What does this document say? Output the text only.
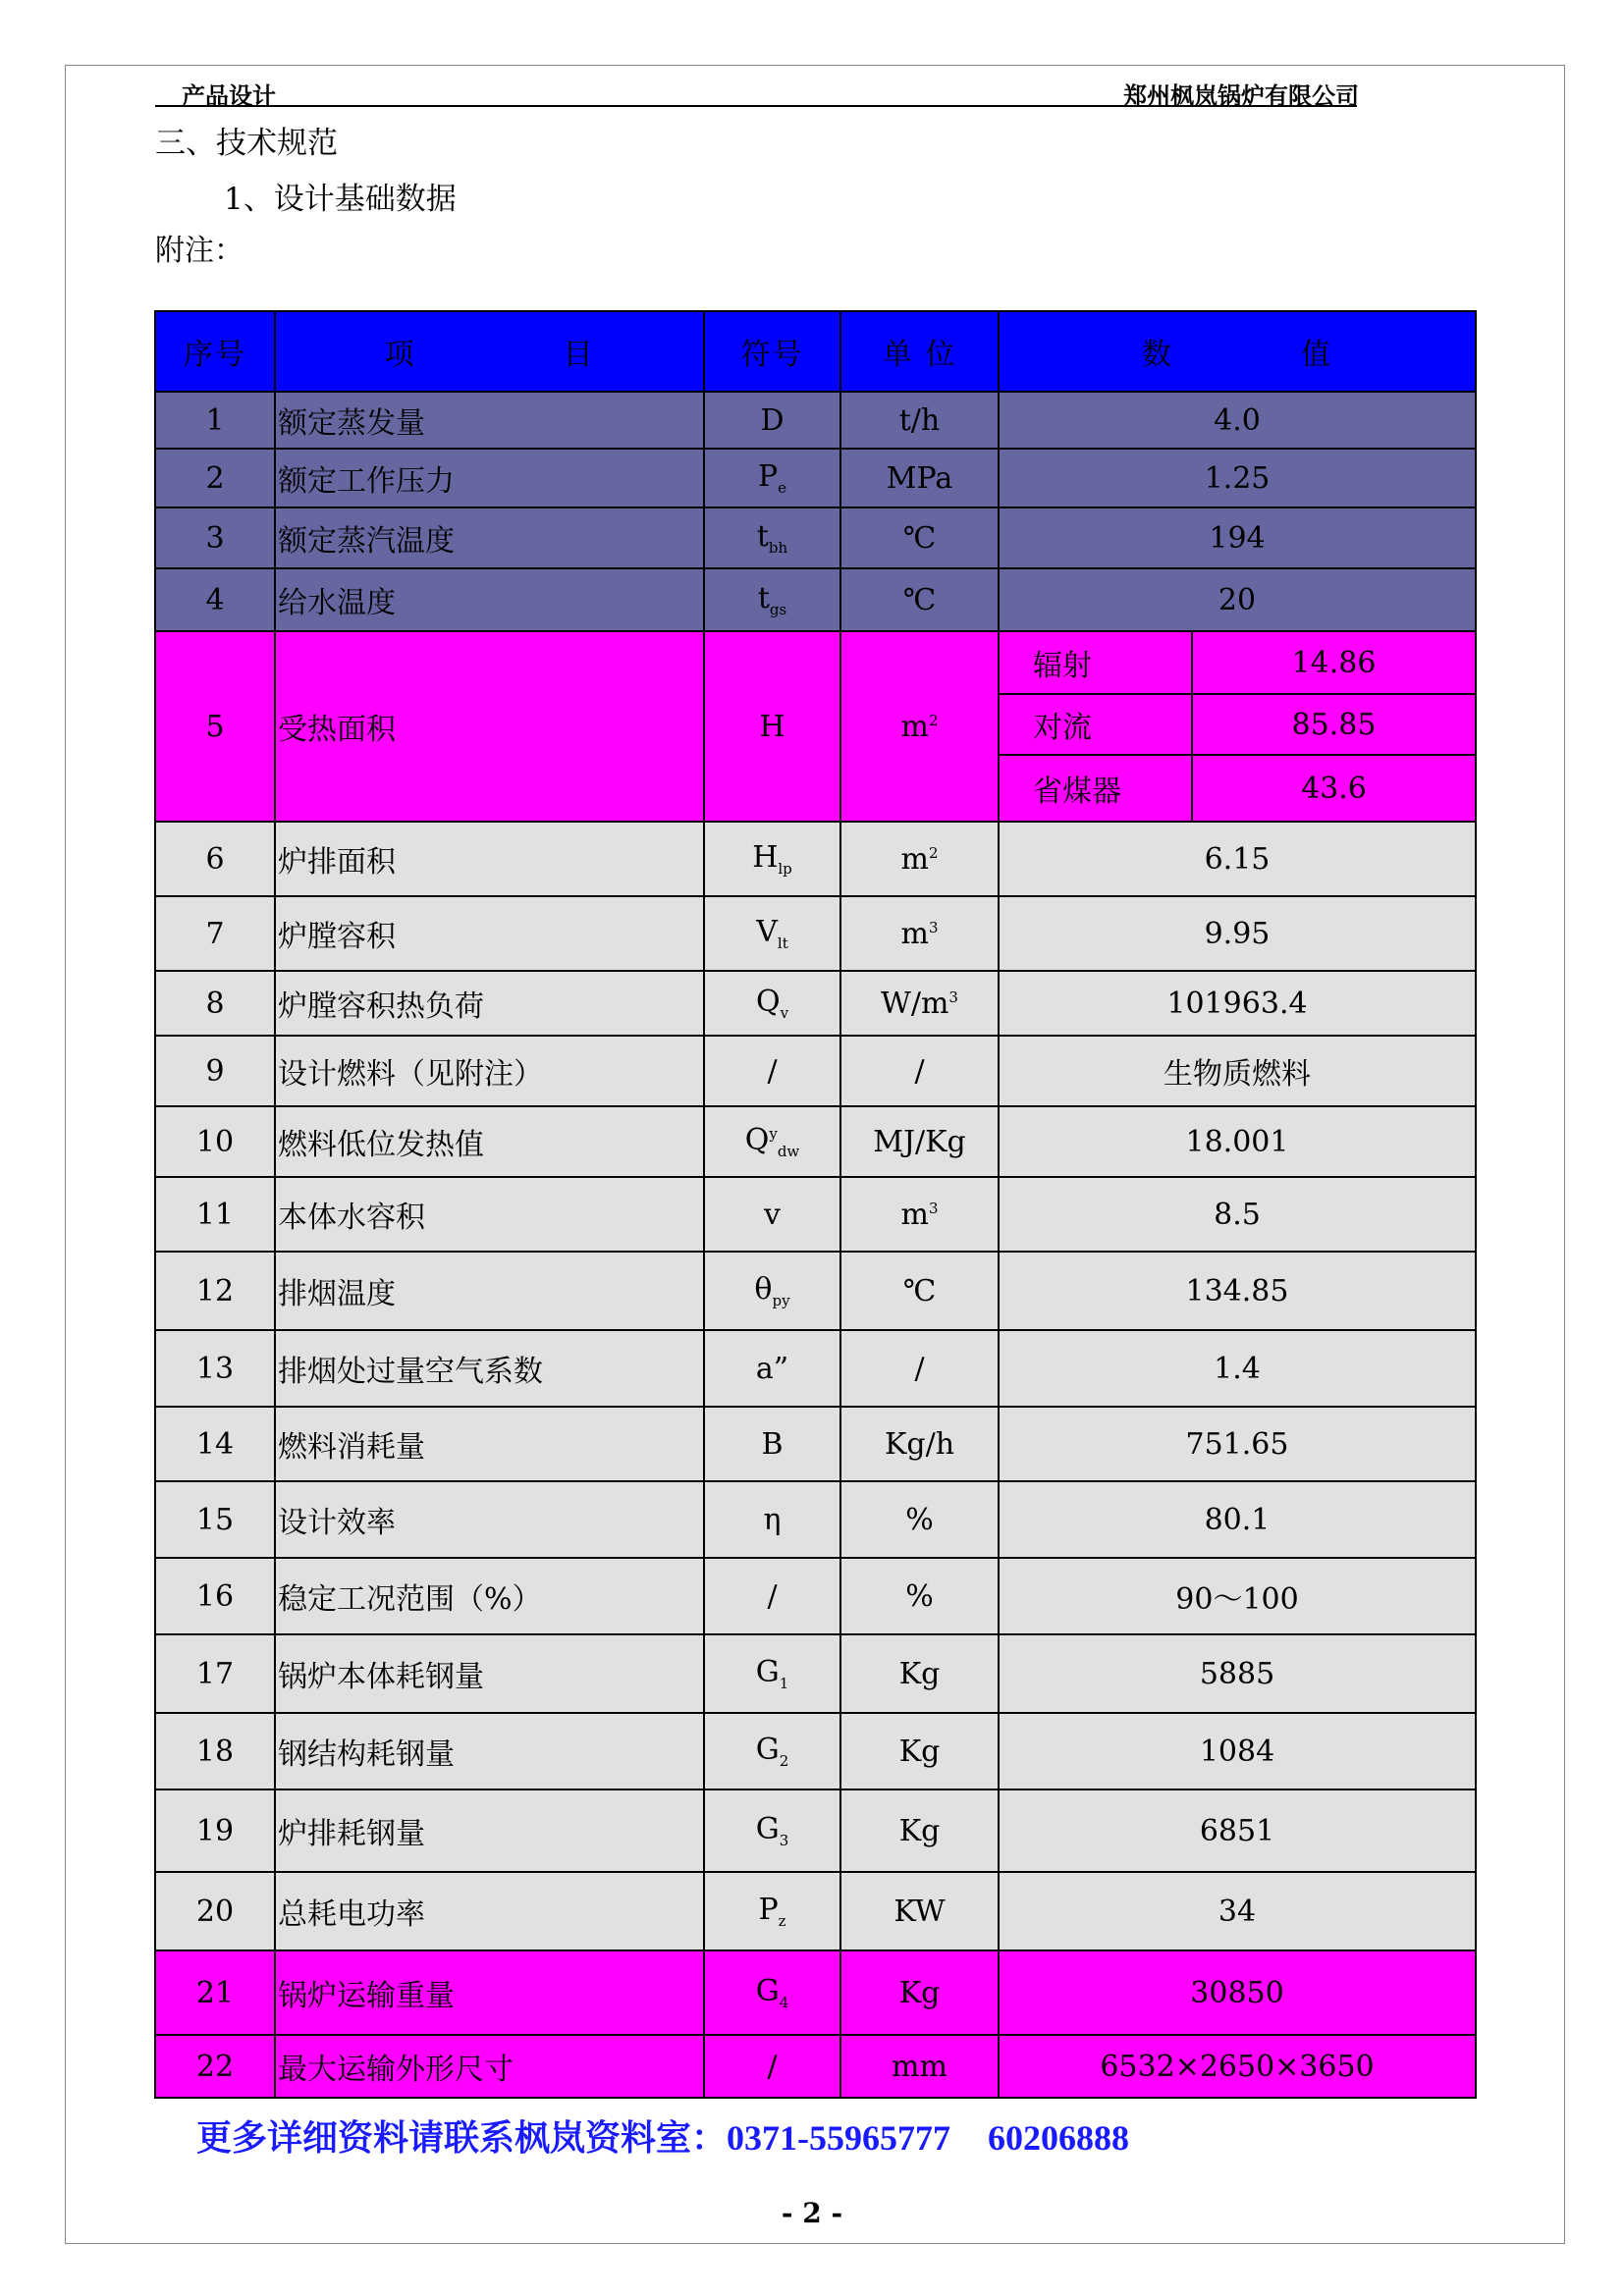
产品设计	郑州枫岚锅炉有限公司
三、技术规范
1、设计基础数据
附注：
序号	项 目	符号	单 位	数 值	
1	额定蒸发量	D	t/h	4.0	
2	额定工作压力	$P_e$	MPa	1.25	
3	额定蒸汽温度	$t_{bh}$	℃	194	
4	给水温度	$t_{gs}$	℃	20	
5	受热面积	H	$m^2$	辐射	14.86
				对流	85.85
				省煤器	43.6
6	炉排面积	$H_{lp}$	$m^2$	6.15	
7	炉膛容积	$V_{lt}$	$m^3$	9.95	
8	炉膛容积热负荷	$Q_v$	$W/m^3$	101963.4	
9	设计燃料（见附注）	/	/	生物质燃料	
10	燃料低位发热值	$Q^y_{dw}$	MJ/Kg	18.001	
11	本体水容积	v	$m^3$	8.5	
12	排烟温度	$\theta_{py}$	℃	134.85	
13	排烟处过量空气系数	a”	/	1.4	
14	燃料消耗量	B	Kg/h	751.65	
15	设计效率	η	%	80.1	
16	稳定工况范围（%）	/	%	90～100	
17	锅炉本体耗钢量	$G_1$	Kg	5885	
18	钢结构耗钢量	$G_2$	Kg	1084	
19	炉排耗钢量	$G_3$	Kg	6851	
20	总耗电功率	$P_z$	KW	34	
21	锅炉运输重量	$G_4$	Kg	30850	
22	最大运输外形尺寸	/	mm	6532×2650×3650	
更多详细资料请联系枫岚资料室：0371-55965777 60206888
- 2 -
